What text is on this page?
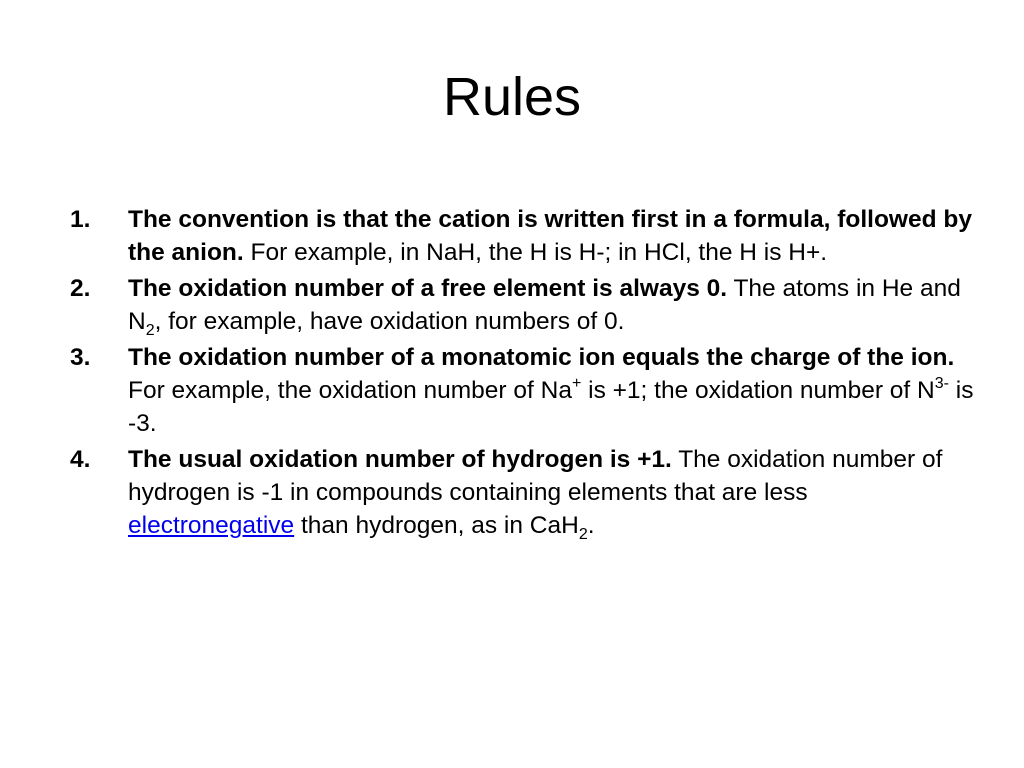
Rules
1. The convention is that the cation is written first in a formula, followed by the anion. For example, in NaH, the H is H-; in HCl, the H is H+.
2. The oxidation number of a free element is always 0. The atoms in He and $N_2$, for example, have oxidation numbers of 0.
3. The oxidation number of a monatomic ion equals the charge of the ion. For example, the oxidation number of Na+ is +1; the oxidation number of $N^{3-}$ is -3.
4. The usual oxidation number of hydrogen is +1. The oxidation number of hydrogen is -1 in compounds containing elements that are less electronegative than hydrogen, as in CaH$_2$.
